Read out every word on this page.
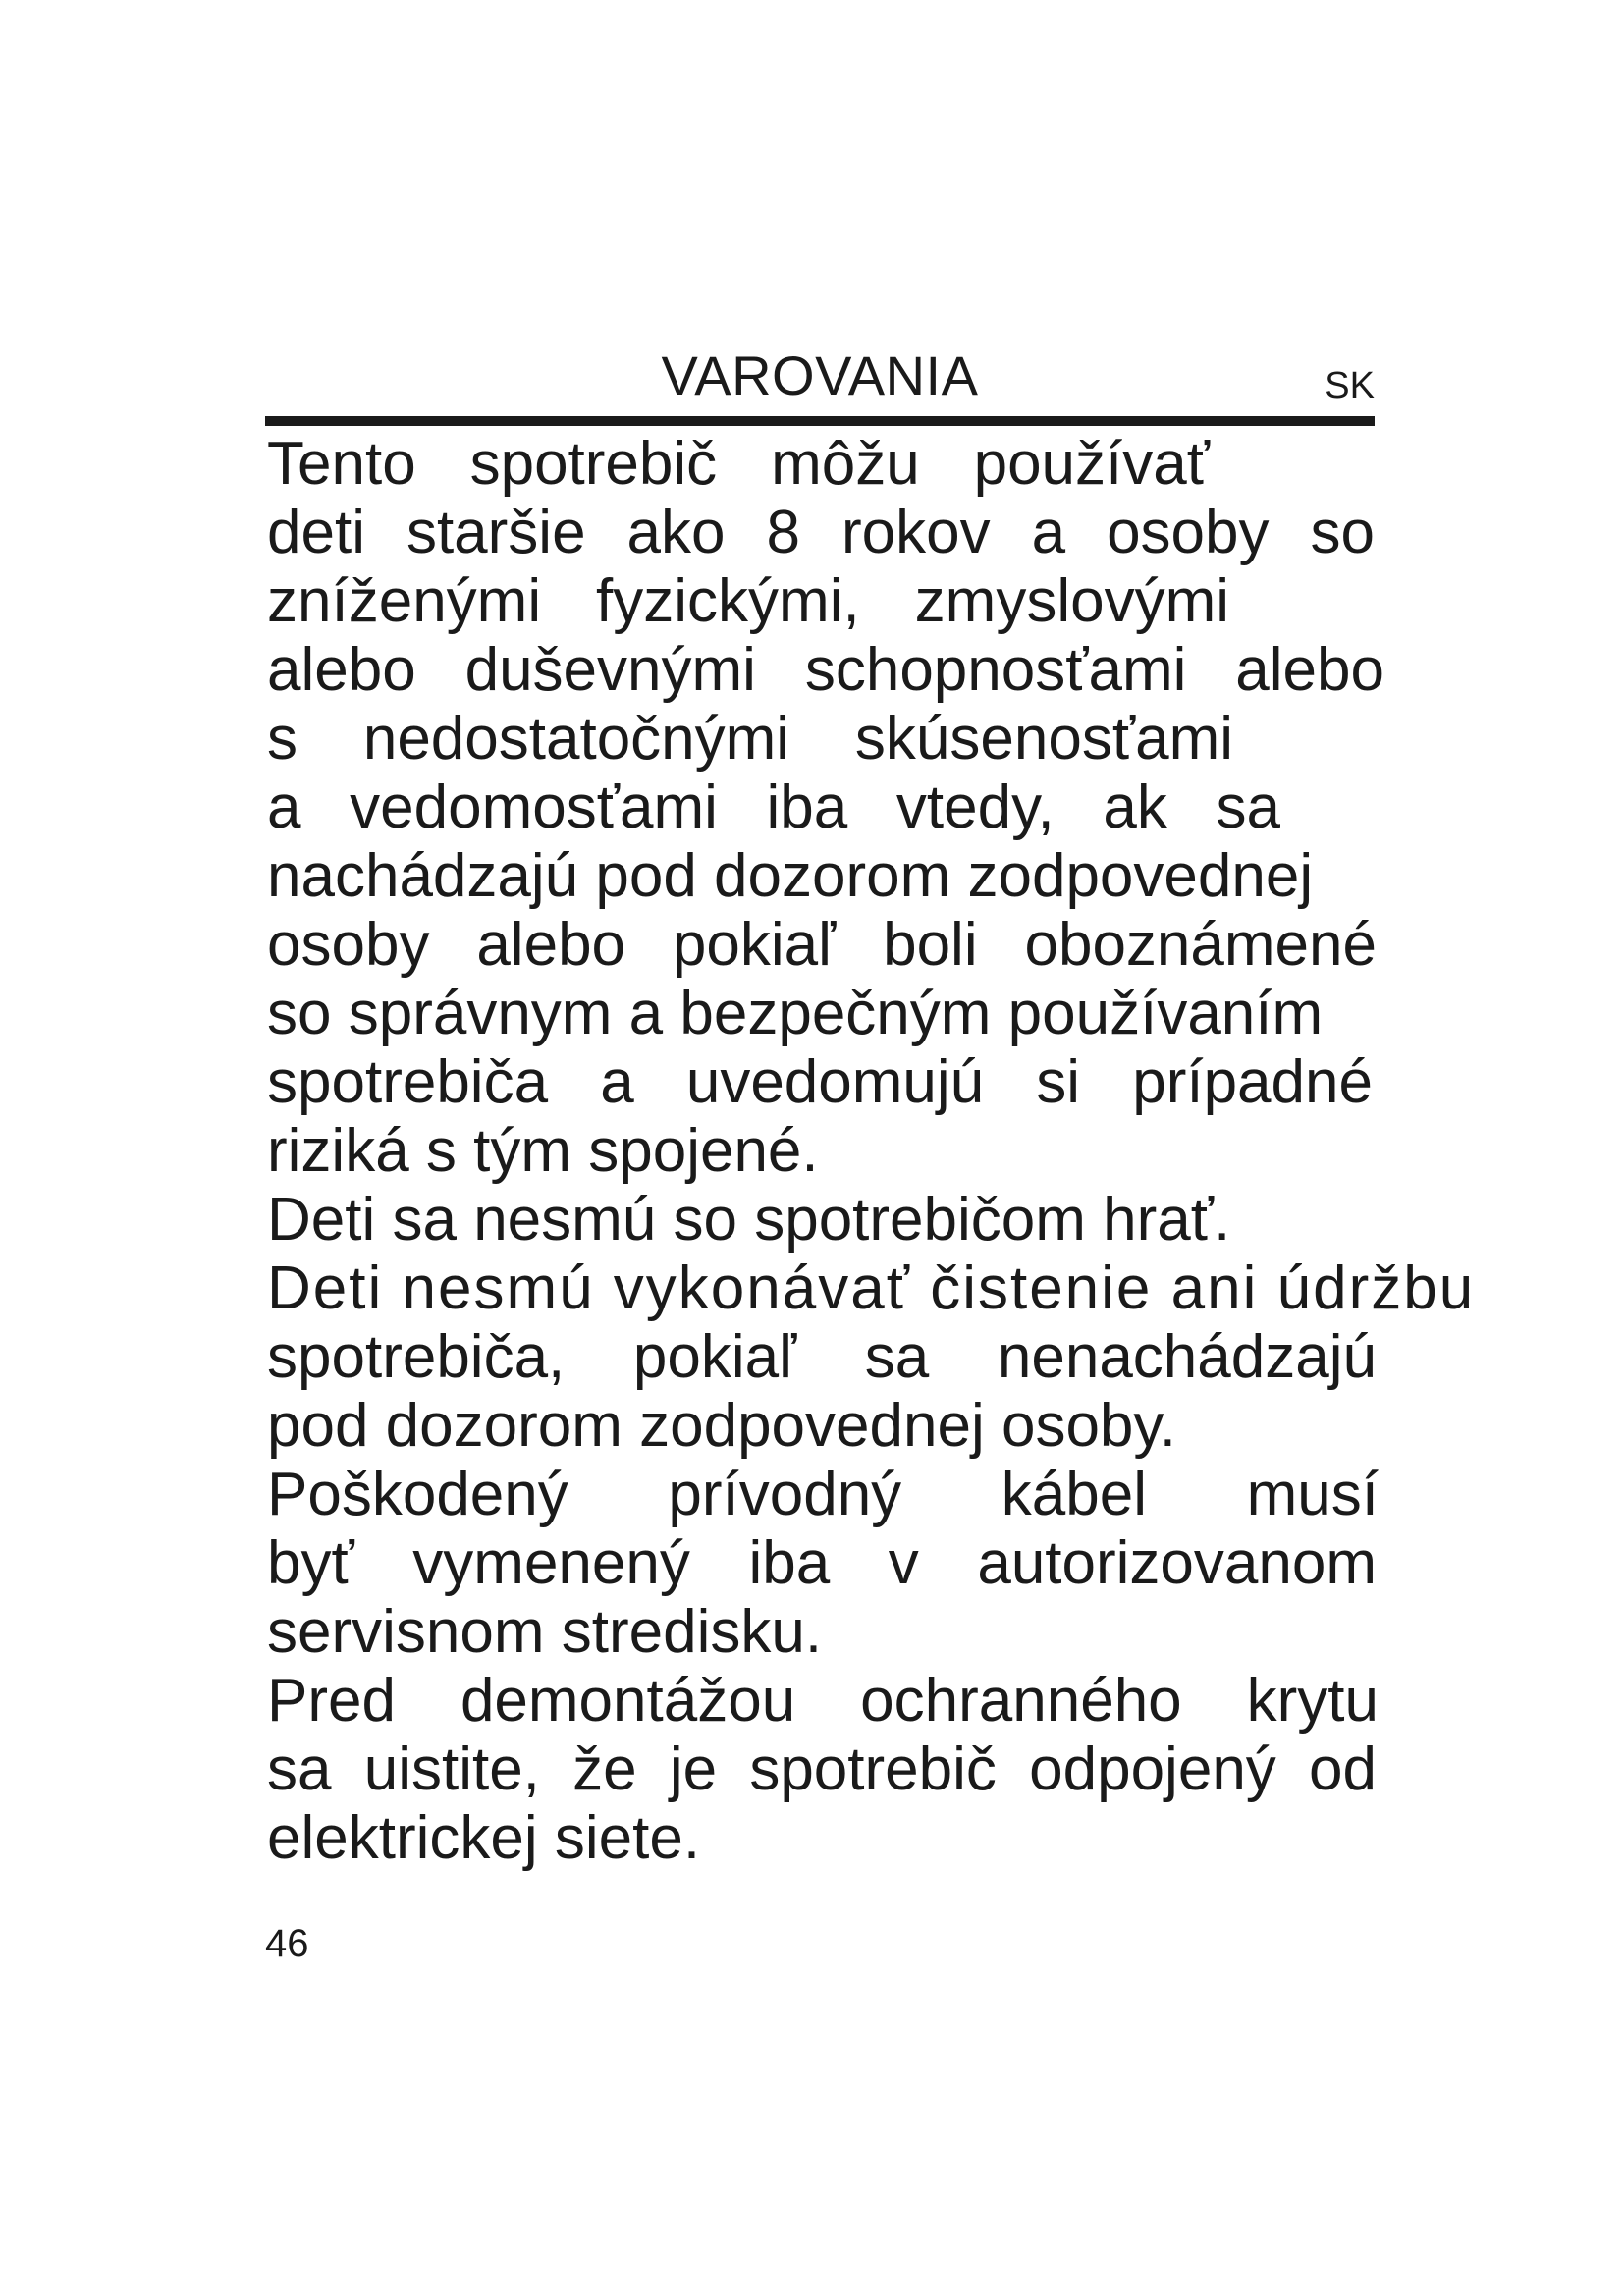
VAROVANIA	SK
Tento spotrebič môžu používať
deti staršie ako 8 rokov a osoby so
zníženými fyzickými, zmyslovými
alebo duševnými schopnosťami alebo
s nedostatočnými skúsenosťami
a vedomosťami iba vtedy, ak sa
nachádzajú pod dozorom zodpovednej
osoby alebo pokiaľ boli oboznámené
so správnym a bezpečným používaním
spotrebiča a uvedomujú si prípadné
riziká s tým spojené.
Deti sa nesmú so spotrebičom hrať.
Deti nesmú vykonávať čistenie ani údržbu
spotrebiča, pokiaľ sa nenachádzajú
pod dozorom zodpovednej osoby.
Poškodený prívodný kábel musí
byť vymenený iba v autorizovanom
servisnom stredisku.
Pred demontážou ochranného krytu
sa uistite, že je spotrebič odpojený od
elektrickej siete.
46
